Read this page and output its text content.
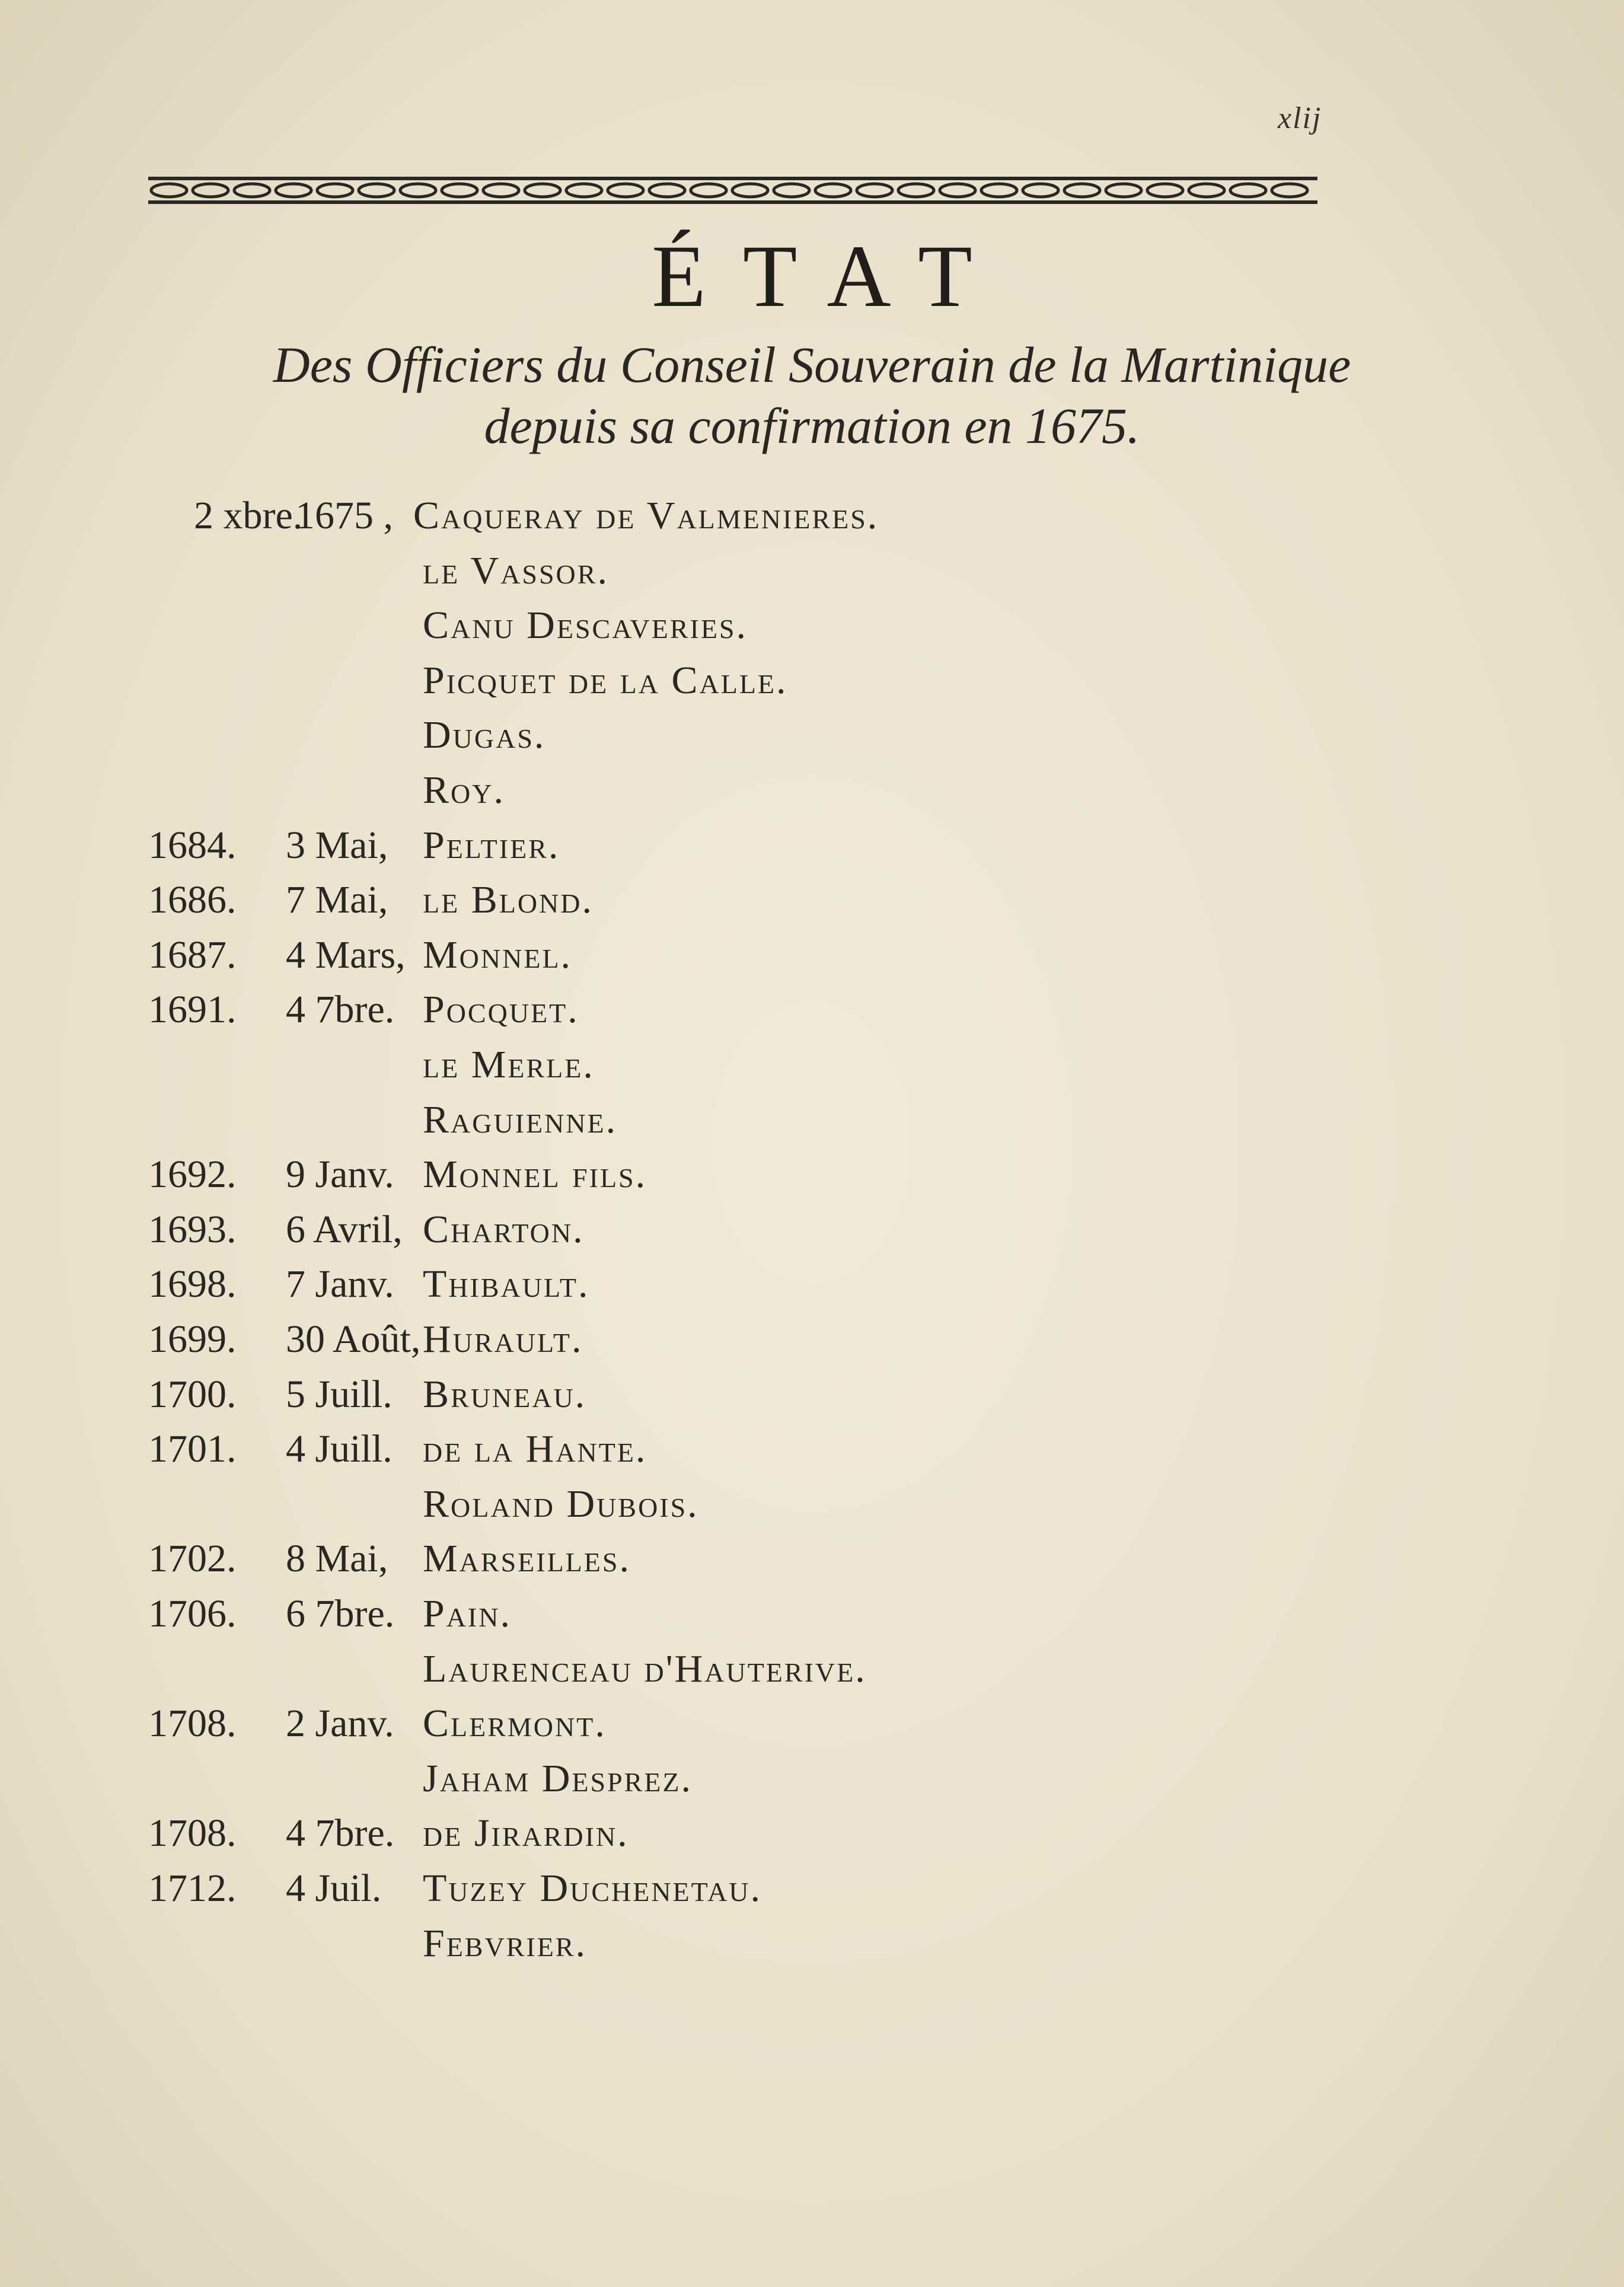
xlij
ÉTAT
Des Officiers du Conseil Souverain de la Martinique
depuis sa confirmation en 1675.
2 xbre.
1675 , Caqueray de Valmenieres.
le Vassor.
Canu Descaveries.
Picquet de la Calle.
Dugas.
Roy.
1684. 3 Mai, Peltier.
1686. 7 Mai, le Blond.
1687. 4 Mars, Monnel.
1691. 4 7bre. Pocquet.
le Merle.
Raguienne.
1692. 9 Janv. Monnel fils.
1693. 6 Avril, Charton.
1698. 7 Janv. Thibault.
1699. 30 Août, Hurault.
1700. 5 Juill. Bruneau.
1701. 4 Juill. de la Hante.
Roland Dubois.
1702. 8 Mai, Marseilles.
1706. 6 7bre. Pain.
Laurenceau d'Hauterive.
1708. 2 Janv. Clermont.
Jaham Desprez.
1708. 4 7bre. de Jirardin.
1712. 4 Juil. Tuzey Duchenetau.
Febvrier.
